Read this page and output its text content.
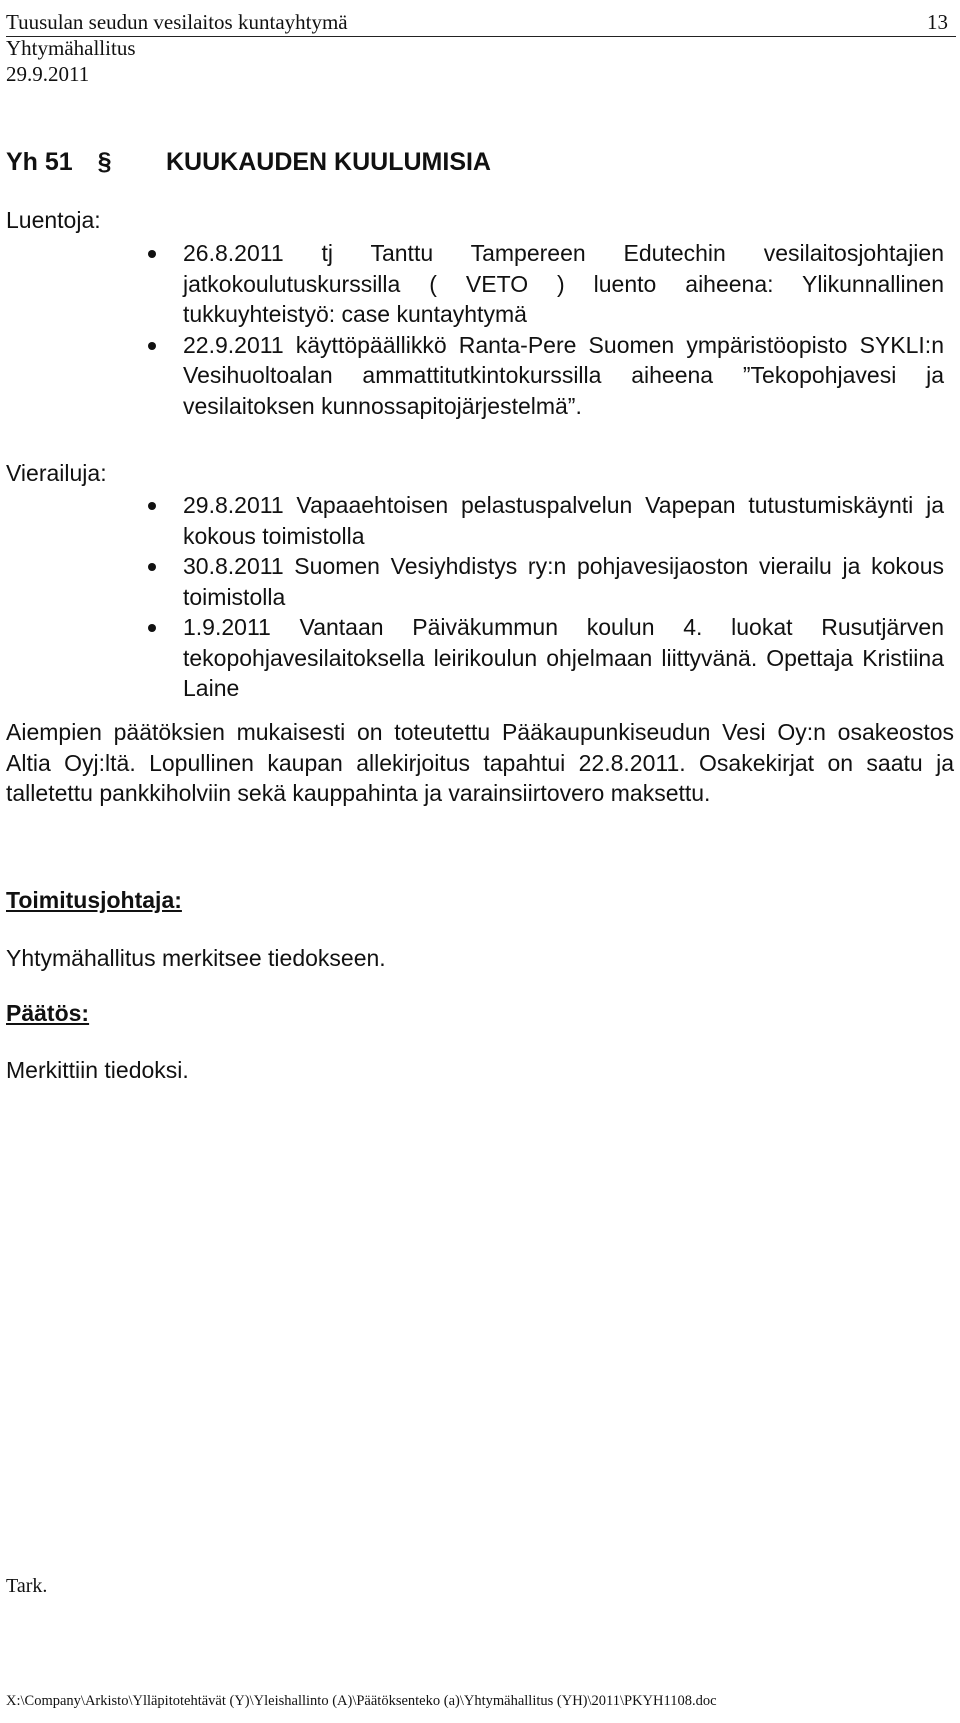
Tuusulan seudun vesilaitos kuntayhtymä
Yhtymähallitus
29.9.2011
13
Yh 51 § KUUKAUDEN KUULUMISIA
Luentoja:
26.8.2011 tj Tanttu Tampereen Edutechin vesilaitosjohtajien jatkokoulutuskurssilla ( VETO ) luento aiheena: Ylikunnallinen tukkuyhteistyö: case kuntayhtymä
22.9.2011 käyttöpäällikkö Ranta-Pere Suomen ympäristöopisto SYKLI:n Vesihuoltoalan ammattitutkintokurssilla aiheena ”Tekopohjavesi ja vesilaitoksen kunnossapitojärjestelmä”.
Vierailuja:
29.8.2011 Vapaaehtoisen pelastuspalvelun Vapepan tutustumiskäynti ja kokous toimistolla
30.8.2011 Suomen Vesiyhdistys ry:n pohjavesijaoston vierailu ja kokous toimistolla
1.9.2011 Vantaan Päiväkummun koulun 4. luokat Rusutjärven tekopohjavesilaitoksella leirikoulun ohjelmaan liittyvänä. Opettaja Kristiina Laine
Aiempien päätöksien mukaisesti on toteutettu Pääkaupunkiseudun Vesi Oy:n osakeostos Altia Oyj:ltä. Lopullinen kaupan allekirjoitus tapahtui 22.8.2011. Osakekirjat on saatu ja talletettu pankkiholviin sekä kauppahinta ja varainsiirtovero maksettu.
Toimitusjohtaja:
Yhtymähallitus merkitsee tiedokseen.
Päätös:
Merkittiin tiedoksi.
Tark.
X:\Company\Arkisto\Ylläpitotehtävät (Y)\Yleishallinto (A)\Päätöksenteko (a)\Yhtymähallitus (YH)\2011\PKYH1108.doc
